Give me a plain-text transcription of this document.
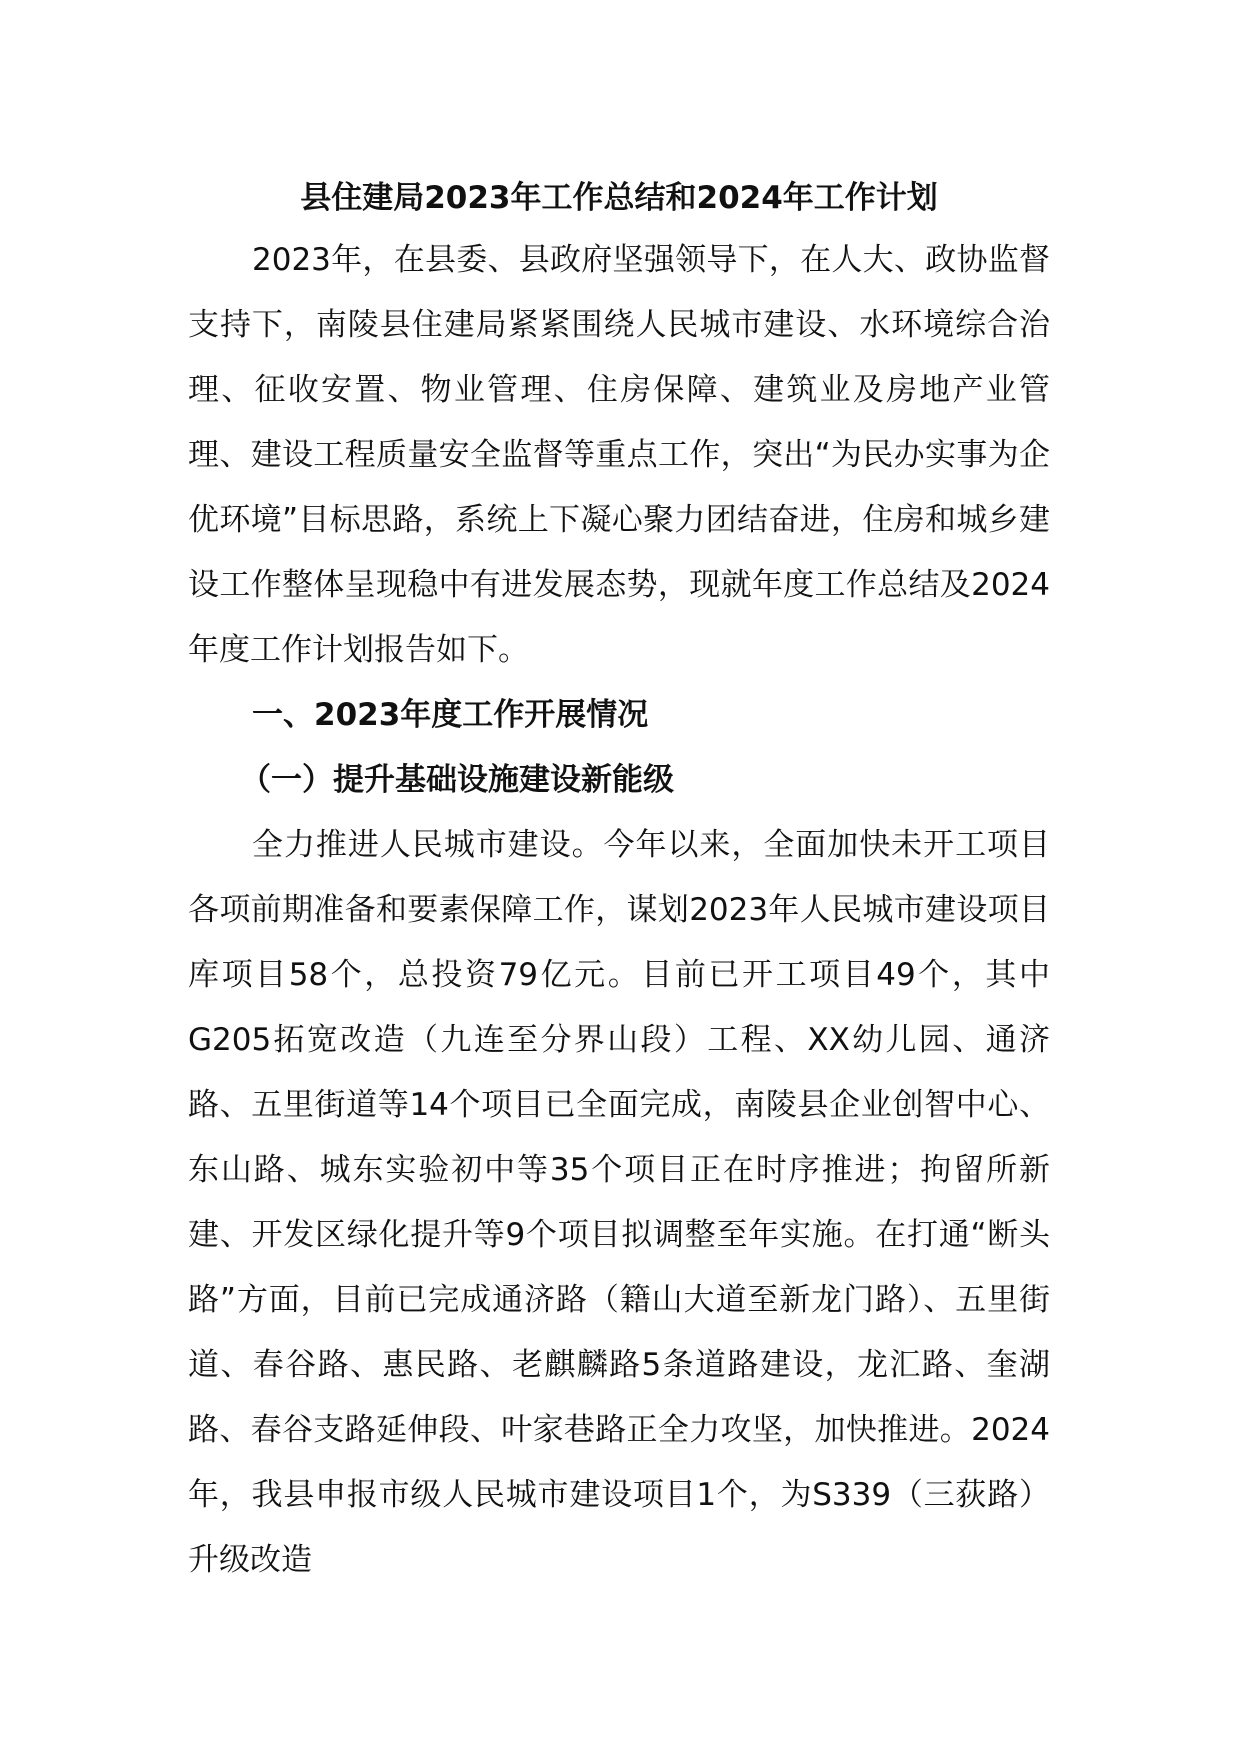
县住建局2023年工作总结和2024年工作计划

2023年，在县委、县政府坚强领导下，在人大、政协监督支持下，南陵县住建局紧紧围绕人民城市建设、水环境综合治理、征收安置、物业管理、住房保障、建筑业及房地产业管理、建设工程质量安全监督等重点工作，突出“为民办实事为企优环境”目标思路，系统上下凝心聚力团结奋进，住房和城乡建设工作整体呈现稳中有进发展态势，现就年度工作总结及2024年度工作计划报告如下。

一、2023年度工作开展情况
（一）提升基础设施建设新能级

全力推进人民城市建设。今年以来，全面加快未开工项目各项前期准备和要素保障工作，谋划2023年人民城市建设项目库项目58个，总投资79亿元。目前已开工项目49个，其中G205拓宽改造（九连至分界山段）工程、XX幼儿园、通济路、五里街道等14个项目已全面完成，南陵县企业创智中心、东山路、城东实验初中等35个项目正在时序推进；拘留所新建、开发区绿化提升等9个项目拟调整至年实施。在打通“断头路”方面，目前已完成通济路（籍山大道至新龙门路）、五里街道、春谷路、惠民路、老麒麟路5条道路建设，龙汇路、奎湖路、春谷支路延伸段、叶家巷路正全力攻坚，加快推进。2024年，我县申报市级人民城市建设项目1个，为S339（三荻路）升级改造
